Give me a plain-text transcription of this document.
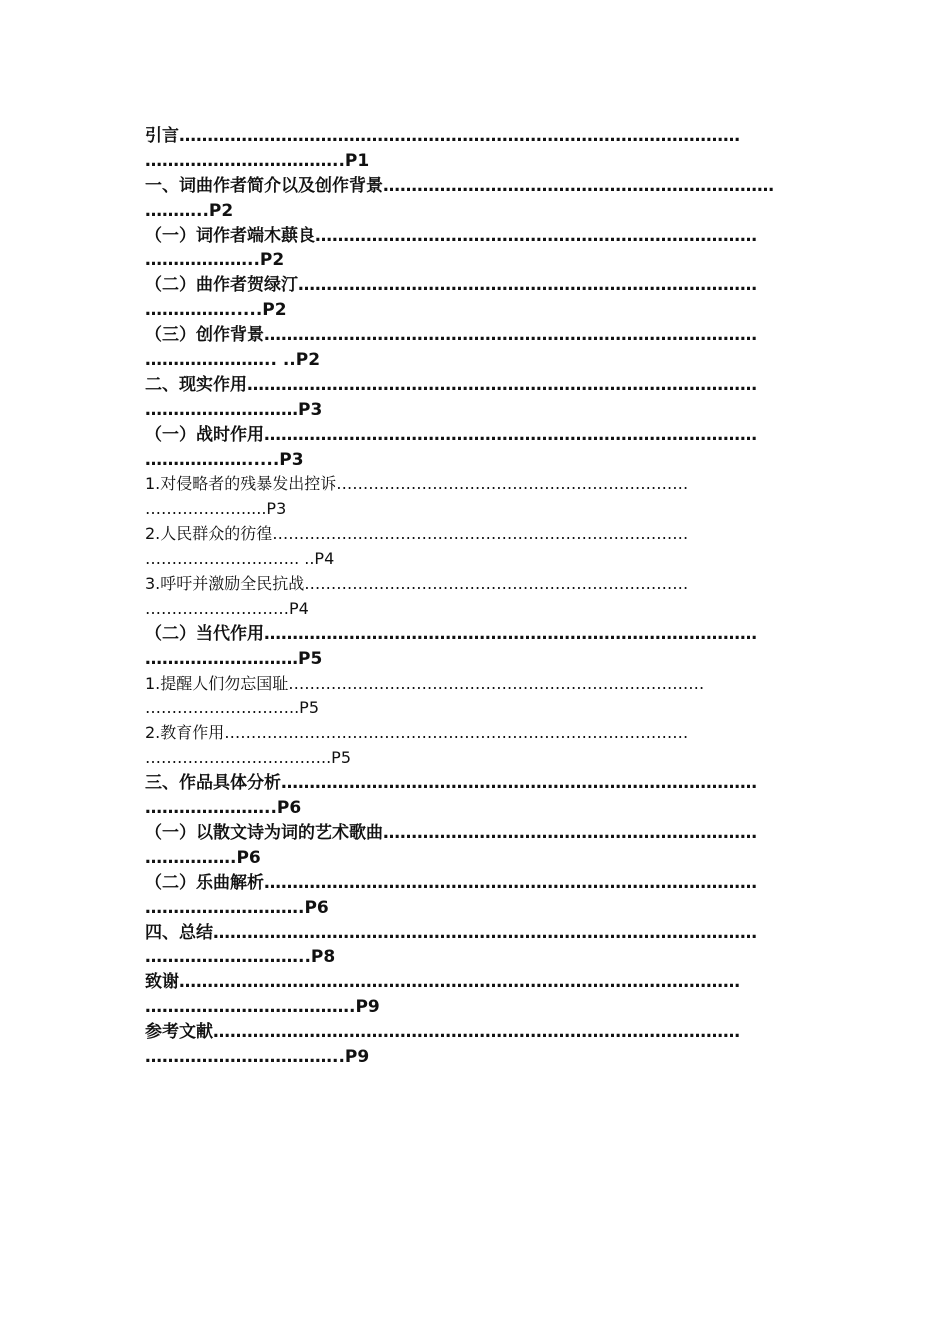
引言………………………………………………………………………………………
……………………………..P1
一、词曲作者简介以及创作背景……………………………………………………………
………..P2
（一）词作者端木蕻良……………………………………………………………………
………………..P2
（二）曲作者贺绿汀………………………………………………………………………
…………….....P2
（三）创作背景……………………………………………………………………………
………………….. ..P2
二、现实作用………………………………………………………………………………
………………………P3
（一）战时作用……………………………………………………………………………
……………….....P3
1.对侵略者的残暴发出控诉…………………………………………………………
……………….....P3
2.人民群众的彷徨……………………………………………………………………
……………………….. ..P4
3.呼吁并激励全民抗战………………………………………………………………
………………………P4
（二）当代作用……………………………………………………………………………
………………………P5
1.提醒人们勿忘国耻……………………………………………………………………
………………………..P5
2.教育作用……………………………………………………………………………
……………………………..P5
三、作品具体分析…………………………………………………………………………
…………………..P6
（一）以散文诗为词的艺术歌曲…………………………………………………………
…………….P6
（二）乐曲解析……………………………………………………………………………
……………………….P6
四、总结……………………………………………………………………………………
………………………..P8
致谢………………………………………………………………………………………
……………………………….P9
参考文献…………………………………………………………………………………
……………………………..P9
